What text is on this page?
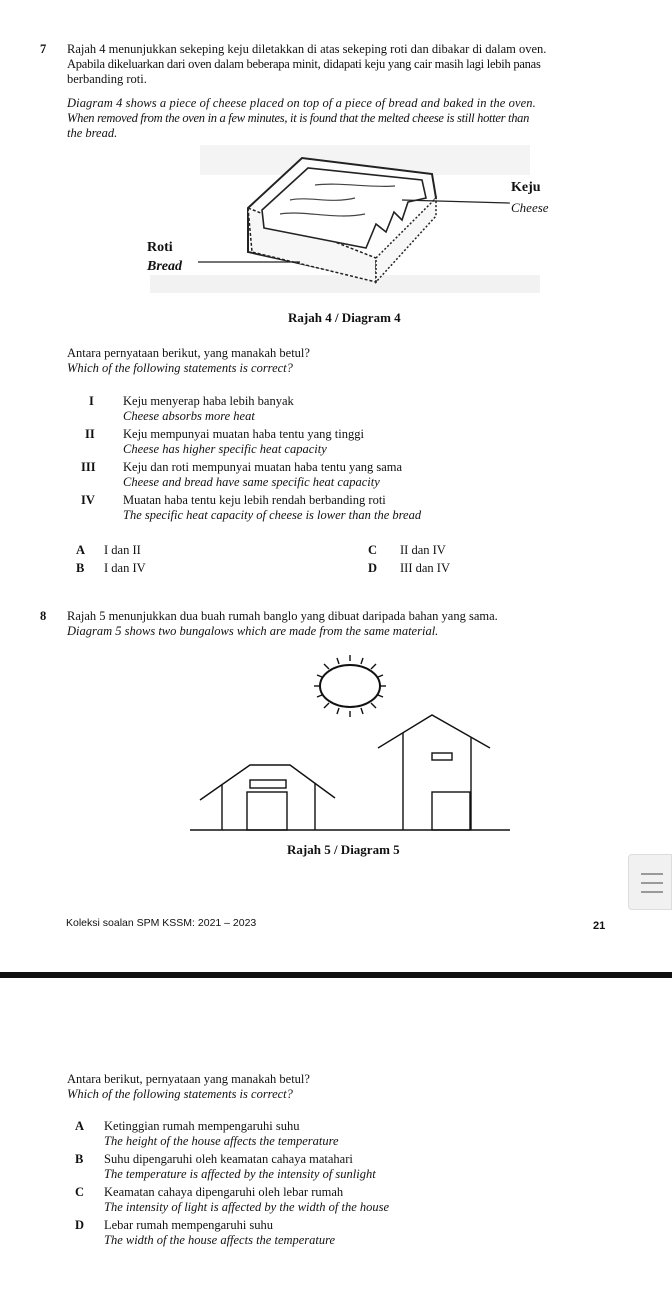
7 Rajah 4 menunjukkan sekeping keju diletakkan di atas sekeping roti dan dibakar di dalam oven.
Apabila dikeluarkan dari oven dalam beberapa minit, didapati keju yang cair masih lagi lebih panas
berbanding roti.
Diagram 4 shows a piece of cheese placed on top of a piece of bread and baked in the oven.
When removed from the oven in a few minutes, it is found that the melted cheese is still hotter than
the bread.
Keju
Cheese
Roti
Bread
Rajah 4 / Diagram 4
Antara pernyataan berikut, yang manakah betul?
Which of the following statements is correct?
I Keju menyerap haba lebih banyak
Cheese absorbs more heat
II Keju mempunyai muatan haba tentu yang tinggi
Cheese has higher specific heat capacity
III Keju dan roti mempunyai muatan haba tentu yang sama
Cheese and bread have same specific heat capacity
IV Muatan haba tentu keju lebih rendah berbanding roti
The specific heat capacity of cheese is lower than the bread
A I dan II
B I dan IV
C II dan IV
D III dan IV
8 Rajah 5 menunjukkan dua buah rumah banglo yang dibuat daripada bahan yang sama.
Diagram 5 shows two bungalows which are made from the same material.
Rajah 5 / Diagram 5
Koleksi soalan SPM KSSM: 2021 – 2023	21
Antara berikut, pernyataan yang manakah betul?
Which of the following statements is correct?
A Ketinggian rumah mempengaruhi suhu
The height of the house affects the temperature
B Suhu dipengaruhi oleh keamatan cahaya matahari
The temperature is affected by the intensity of sunlight
C Keamatan cahaya dipengaruhi oleh lebar rumah
The intensity of light is affected by the width of the house
D Lebar rumah mempengaruhi suhu
The width of the house affects the temperature
